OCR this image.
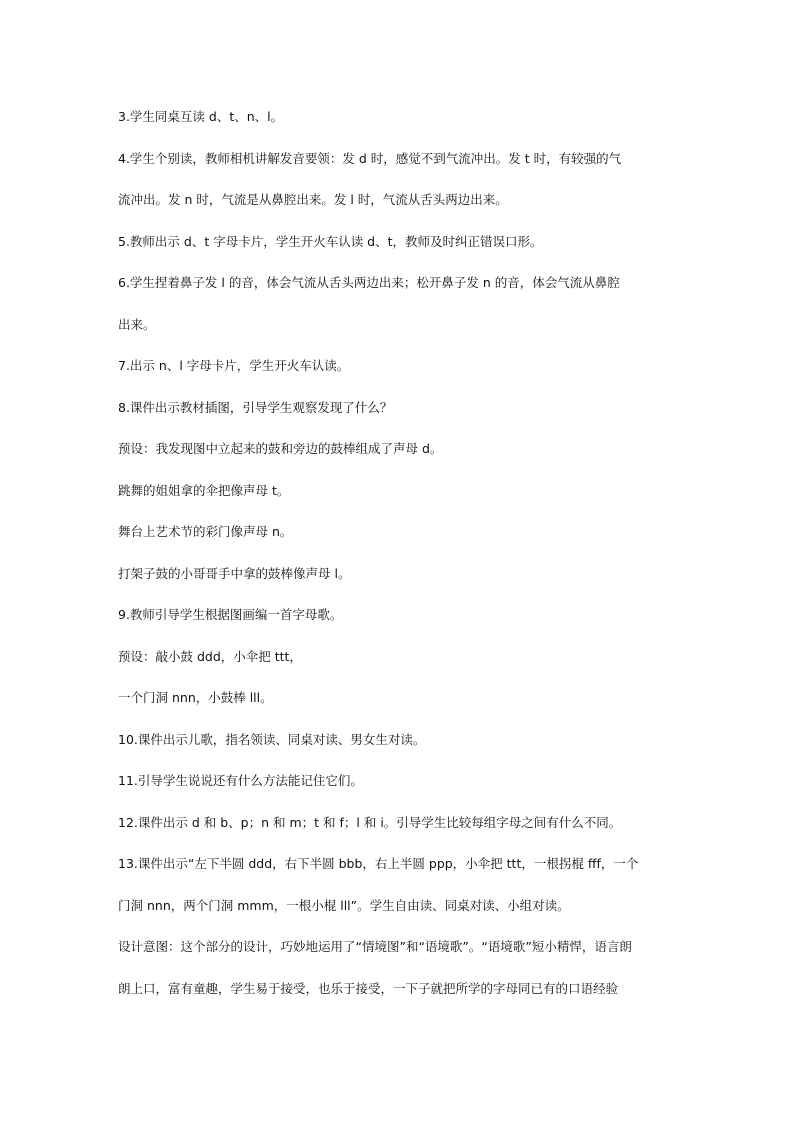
3.学生同桌互读 d、t、n、l。
4.学生个别读，教师相机讲解发音要领：发 d 时，感觉不到气流冲出。发 t 时，有较强的气
流冲出。发 n 时，气流是从鼻腔出来。发 l 时，气流从舌头两边出来。
5.教师出示 d、t 字母卡片，学生开火车认读 d、t，教师及时纠正错误口形。
6.学生捏着鼻子发 l 的音，体会气流从舌头两边出来；松开鼻子发 n 的音，体会气流从鼻腔
出来。
7.出示 n、l 字母卡片，学生开火车认读。
8.课件出示教材插图，引导学生观察发现了什么？
预设：我发现图中立起来的鼓和旁边的鼓棒组成了声母 d。
跳舞的姐姐拿的伞把像声母 t。
舞台上艺术节的彩门像声母 n。
打架子鼓的小哥哥手中拿的鼓棒像声母 l。
9.教师引导学生根据图画编一首字母歌。
预设：敲小鼓 ddd，小伞把 ttt，
一个门洞 nnn，小鼓棒 lll。
10.课件出示儿歌，指名领读、同桌对读、男女生对读。
11.引导学生说说还有什么方法能记住它们。
12.课件出示 d 和 b、p；n 和 m；t 和 f；l 和 i。引导学生比较每组字母之间有什么不同。
13.课件出示“左下半圆 ddd，右下半圆 bbb，右上半圆 ppp，小伞把 ttt，一根拐棍 fff，一个
门洞 nnn，两个门洞 mmm，一根小棍 lll”。学生自由读、同桌对读、小组对读。
设计意图：这个部分的设计，巧妙地运用了“情境图”和“语境歌”。“语境歌”短小精悍，语言朗
朗上口，富有童趣，学生易于接受，也乐于接受，一下子就把所学的字母同已有的口语经验
